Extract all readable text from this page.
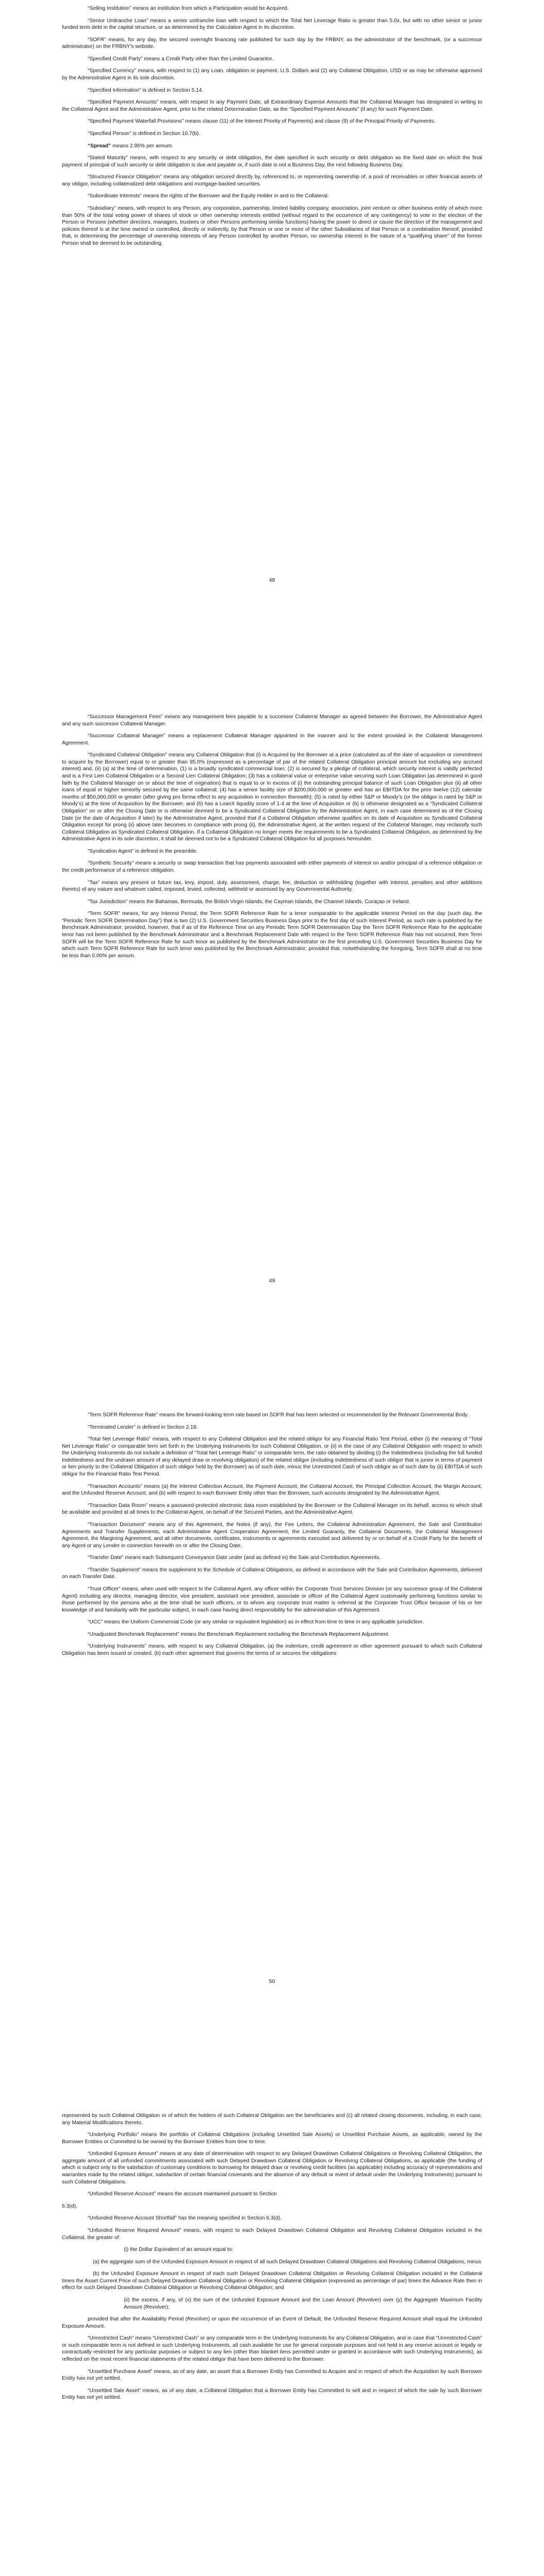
“Selling Institution” means an institution from which a Participation would be Acquired.

“Senior Unitranche Loan” means a senior unitranche loan with respect to which the Total Net Leverage Ratio is greater than 5.0x, but with no other senior or junior funded term debt in the capital structure, or as determined by the Calculation Agent in its discretion.

“SOFR” means, for any day, the secured overnight financing rate published for such day by the FRBNY, as the administrator of the benchmark, (or a successor administrator) on the FRBNY’s website.

“Specified Credit Party” means a Credit Party other than the Limited Guarantor.

“Specified Currency” means, with respect to (1) any Loan, obligation or payment, U.S. Dollars and (2) any Collateral Obligation, USD or as may be otherwise approved by the Administrative Agent in its sole discretion.

“Specified Information” is defined in Section 5.14.

“Specified Payment Amounts” means, with respect to any Payment Date, all Extraordinary Expense Amounts that the Collateral Manager has designated in writing to the Collateral Agent and the Administrative Agent, prior to the related Determination Date, as the “Specified Payment Amounts” (if any) for such Payment Date.

“Specified Payment Waterfall Provisions” means clause (11) of the Interest Priority of Payments) and clause (9) of the Principal Priority of Payments.

“Specified Person” is defined in Section 10.7(b).

“Spread” means 2.95% per annum.

“Stated Maturity” means, with respect to any security or debt obligation, the date specified in such security or debt obligation as the fixed date on which the final payment of principal of such security or debt obligation is due and payable or, if such date is not a Business Day, the next following Business Day.

“Structured Finance Obligation” means any obligation secured directly by, referenced to, or representing ownership of, a pool of receivables or other financial assets of any obligor, including collateralized debt obligations and mortgage-backed securities.

“Subordinate Interests” means the rights of the Borrower and the Equity Holder in and to the Collateral.

“Subsidiary” means, with respect to any Person, any corporation, partnership, limited liability company, association, joint venture or other business entity of which more than 50% of the total voting power of shares of stock or other ownership interests entitled (without regard to the occurrence of any contingency) to vote in the election of the Person or Persons (whether directors, managers, trustees or other Persons performing similar functions) having the power to direct or cause the direction of the management and policies thereof is at the time owned or controlled, directly or indirectly, by that Person or one or more of the other Subsidiaries of that Person or a combination thereof; provided that, in determining the percentage of ownership interests of any Person controlled by another Person, no ownership interest in the nature of a “qualifying share” of the former Person shall be deemed to be outstanding.

48

“Successor Management Fees” means any management fees payable to a successor Collateral Manager as agreed between the Borrower, the Administrative Agent and any such successor Collateral Manager.

“Successor Collateral Manager” means a replacement Collateral Manager appointed in the manner and to the extent provided in the Collateral Management Agreement.

“Syndicated Collateral Obligation” means any Collateral Obligation that (i) is Acquired by the Borrower at a price (calculated as of the date of acquisition or commitment to acquire by the Borrower) equal to or greater than 95.0% (expressed as a percentage of par of the related Collateral Obligation principal amount but excluding any accrued interest) and, (ii) (a) at the time of determination, (1) is a broadly syndicated commercial loan; (2) is secured by a pledge of collateral, which security interest is validly perfected and is a First Lien Collateral Obligation or a Second Lien Collateral Obligation; (3) has a collateral value or enterprise value securing such Loan Obligation (as determined in good faith by the Collateral Manager on or about the time of origination) that is equal to or in excess of (i) the outstanding principal balance of such Loan Obligation plus (ii) all other loans of equal or higher seniority secured by the same collateral; (4) has a senior facility size of $200,000,000 or greater and has an EBITDA for the prior twelve (12) calendar months of $50,000,000 or greater (after giving pro forma effect to any acquisition in connection therewith); (5) is rated by either S&P or Moody’s (or the obligor is rated by S&P or Moody’s) at the time of Acquisition by the Borrower; and (6) has a LoanX liquidity score of 1-4 at the time of Acquisition or (b) is otherwise designated as a “Syndicated Collateral Obligation” on or after the Closing Date or is otherwise deemed to be a Syndicated Collateral Obligation by the Administrative Agent, in each case determined as of the Closing Date (or the date of Acquisition if later) by the Administrative Agent, provided that if a Collateral Obligation otherwise qualifies on its date of Acquisition as Syndicated Collateral Obligation except for prong (ii) above later becomes in compliance with prong (ii), the Administrative Agent, at the written request of the Collateral Manager, may reclassify such Collateral Obligation as Syndicated Collateral Obligation. If a Collateral Obligation no longer meets the requirements to be a Syndicated Collateral Obligation, as determined by the Administrative Agent in its sole discretion, it shall be deemed not to be a Syndicated Collateral Obligation for all purposes hereunder.

“Syndication Agent” is defined in the preamble.

“Synthetic Security” means a security or swap transaction that has payments associated with either payments of interest on and/or principal of a reference obligation or the credit performance of a reference obligation.

“Tax” means any present or future tax, levy, impost, duty, assessment, charge, fee, deduction or withholding (together with interest, penalties and other additions thereto) of any nature and whatever called, imposed, levied, collected, withheld or assessed by any Governmental Authority.

“Tax Jurisdiction” means the Bahamas, Bermuda, the British Virgin Islands, the Cayman Islands, the Channel Islands, Curaçao or Ireland.

“Term SOFR” means, for any Interest Period, the Term SOFR Reference Rate for a tenor comparable to the applicable Interest Period on the day (such day, the “Periodic Term SOFR Determination Day”) that is two (2) U.S. Government Securities Business Days prior to the first day of such Interest Period, as such rate is published by the Benchmark Administrator; provided, however, that if as of the Reference Time on any Periodic Term SOFR Determination Day the Term SOFR Reference Rate for the applicable tenor has not been published by the Benchmark Administrator and a Benchmark Replacement Date with respect to the Term SOFR Reference Rate has not occurred, then Term SOFR will be the Term SOFR Reference Rate for such tenor as published by the Benchmark Administrator on the first preceding U.S. Government Securities Business Day for which such Term SOFR Reference Rate for such tenor was published by the Benchmark Administrator; provided that, notwithstanding the foregoing, Term SOFR shall at no time be less than 0.00% per annum.

49

“Term SOFR Reference Rate” means the forward-looking term rate based on SOFR that has been selected or recommended by the Relevant Governmental Body.

“Terminated Lender” is defined in Section 2.18.

“Total Net Leverage Ratio” means, with respect to any Collateral Obligation and the related obligor for any Financial Ratio Test Period, either (i) the meaning of “Total Net Leverage Ratio” or comparable term set forth in the Underlying Instruments for such Collateral Obligation, or (ii) in the case of any Collateral Obligation with respect to which the Underlying Instruments do not include a definition of “Total Net Leverage Ratio” or comparable term, the ratio obtained by dividing (i) the Indebtedness (including the full funded Indebtedness and the undrawn amount of any delayed draw or revolving obligation) of the related obligor (including Indebtedness of such obligor that is junior in terms of payment or lien priority to the Collateral Obligation of such obligor held by the Borrower) as of such date, minus the Unrestricted Cash of such obligor as of such date by (ii) EBITDA of such obligor for the Financial Ratio Test Period.

“Transaction Accounts” means (a) the Interest Collection Account, the Payment Account, the Collateral Account, the Principal Collection Account, the Margin Account, and the Unfunded Reserve Account, and (b) with respect to each Borrower Entity other than the Borrower, such accounts designated by the Administrative Agent.

“Transaction Data Room” means a password-protected electronic data room established by the Borrower or the Collateral Manager on its behalf, access to which shall be available and provided at all times to the Collateral Agent, on behalf of the Secured Parties, and the Administrative Agent.

“Transaction Document” means any of this Agreement, the Notes (if any), the Fee Letters, the Collateral Administration Agreement, the Sale and Contribution Agreements and Transfer Supplements, each Administrative Agent Cooperation Agreement, the Limited Guaranty, the Collateral Documents, the Collateral Management Agreement, the Margining Agreement, and all other documents, certificates, instruments or agreements executed and delivered by or on behalf of a Credit Party for the benefit of any Agent or any Lender in connection herewith on or after the Closing Date.

“Transfer Date” means each Subsequent Conveyance Date under (and as defined in) the Sale and Contribution Agreements.

“Transfer Supplement” means the supplement to the Schedule of Collateral Obligations, as defined in accordance with the Sale and Contribution Agreements, delivered on each Transfer Date.

“Trust Officer” means, when used with respect to the Collateral Agent, any officer within the Corporate Trust Services Division (or any successor group of the Collateral Agent) including any director, managing director, vice president, assistant vice president, associate or officer of the Collateral Agent customarily performing functions similar to those performed by the persons who at the time shall be such officers, or to whom any corporate trust matter is referred at the Corporate Trust Office because of his or her knowledge of and familiarity with the particular subject, in each case having direct responsibility for the administration of this Agreement.

“UCC” means the Uniform Commercial Code (or any similar or equivalent legislation) as in effect from time to time in any applicable jurisdiction.

“Unadjusted Benchmark Replacement” means the Benchmark Replacement excluding the Benchmark Replacement Adjustment.

“Underlying Instruments” means, with respect to any Collateral Obligation, (a) the indenture, credit agreement or other agreement pursuant to which such Collateral Obligation has been issued or created, (b) each other agreement that governs the terms of or secures the obligations

50

represented by such Collateral Obligation or of which the holders of such Collateral Obligation are the beneficiaries and (c) all related closing documents, including, in each case, any Material Modifications thereto.

“Underlying Portfolio” means the portfolio of Collateral Obligations (including Unsettled Sale Assets) or Unsettled Purchase Assets, as applicable, owned by the Borrower Entities or Committed to be owned by the Borrower Entities from time to time.

“Unfunded Exposure Amount” means at any date of determination with respect to any Delayed Drawdown Collateral Obligations or Revolving Collateral Obligation, the aggregate amount of all unfunded commitments associated with such Delayed Drawdown Collateral Obligation or Revolving Collateral Obligations, as applicable (the funding of which is subject only to the satisfaction of customary conditions to borrowing for delayed draw or revolving credit facilities (as applicable) including accuracy of representations and warranties made by the related obligor, satisfaction of certain financial covenants and the absence of any default or event of default under the Underlying Instruments) pursuant to such Collateral Obligations.

“Unfunded Reserve Account” means the account maintained pursuant to Section

6.3(d).

“Unfunded Reserve Account Shortfall” has the meaning specified in Section 6.3(d).

“Unfunded Reserve Required Amount” means, with respect to each Delayed Drawdown Collateral Obligation and Revolving Collateral Obligation included in the Collateral, the greater of:

(i) the Dollar Equivalent of an amount equal to:

(a) the aggregate sum of the Unfunded Exposure Amount in respect of all such Delayed Drawdown Collateral Obligations and Revolving Collateral Obligations, minus

(b) the Unfunded Exposure Amount in respect of each such Delayed Drawdown Collateral Obligation or Revolving Collateral Obligation included in the Collateral times the Asset Current Price of such Delayed Drawdown Collateral Obligation or Revolving Collateral Obligation (expressed as percentage of par) times the Advance Rate then in effect for such Delayed Drawdown Collateral Obligation or Revolving Collateral Obligation; and

(ii) the excess, if any, of (x) the sum of the Unfunded Exposure Amount and the Loan Amount (Revolver) over (y) the Aggregate Maximum Facility Amount (Revolver);

provided that after the Availability Period (Revolver) or upon the occurrence of an Event of Default, the Unfunded Reserve Required Amount shall equal the Unfunded Exposure Amount.

“Unrestricted Cash” means “Unrestricted Cash” or any comparable term in the Underlying Instruments for any Collateral Obligation, and in case that “Unrestricted Cash” or such comparable term is not defined in such Underlying Instruments, all cash available for use for general corporate purposes and not held in any reserve account or legally or contractually restricted for any particular purposes or subject to any lien (other than blanket liens permitted under or granted in accordance with such Underlying Instruments), as reflected on the most recent financial statements of the related obligor that have been delivered to the Borrower.

“Unsettled Purchase Asset” means, as of any date, an asset that a Borrower Entity has Committed to Acquire and in respect of which the Acquisition by such Borrower Entity has not yet settled.

“Unsettled Sale Asset” means, as of any date, a Collateral Obligation that a Borrower Entity has Committed to sell and in respect of which the sale by such Borrower Entity has not yet settled.
